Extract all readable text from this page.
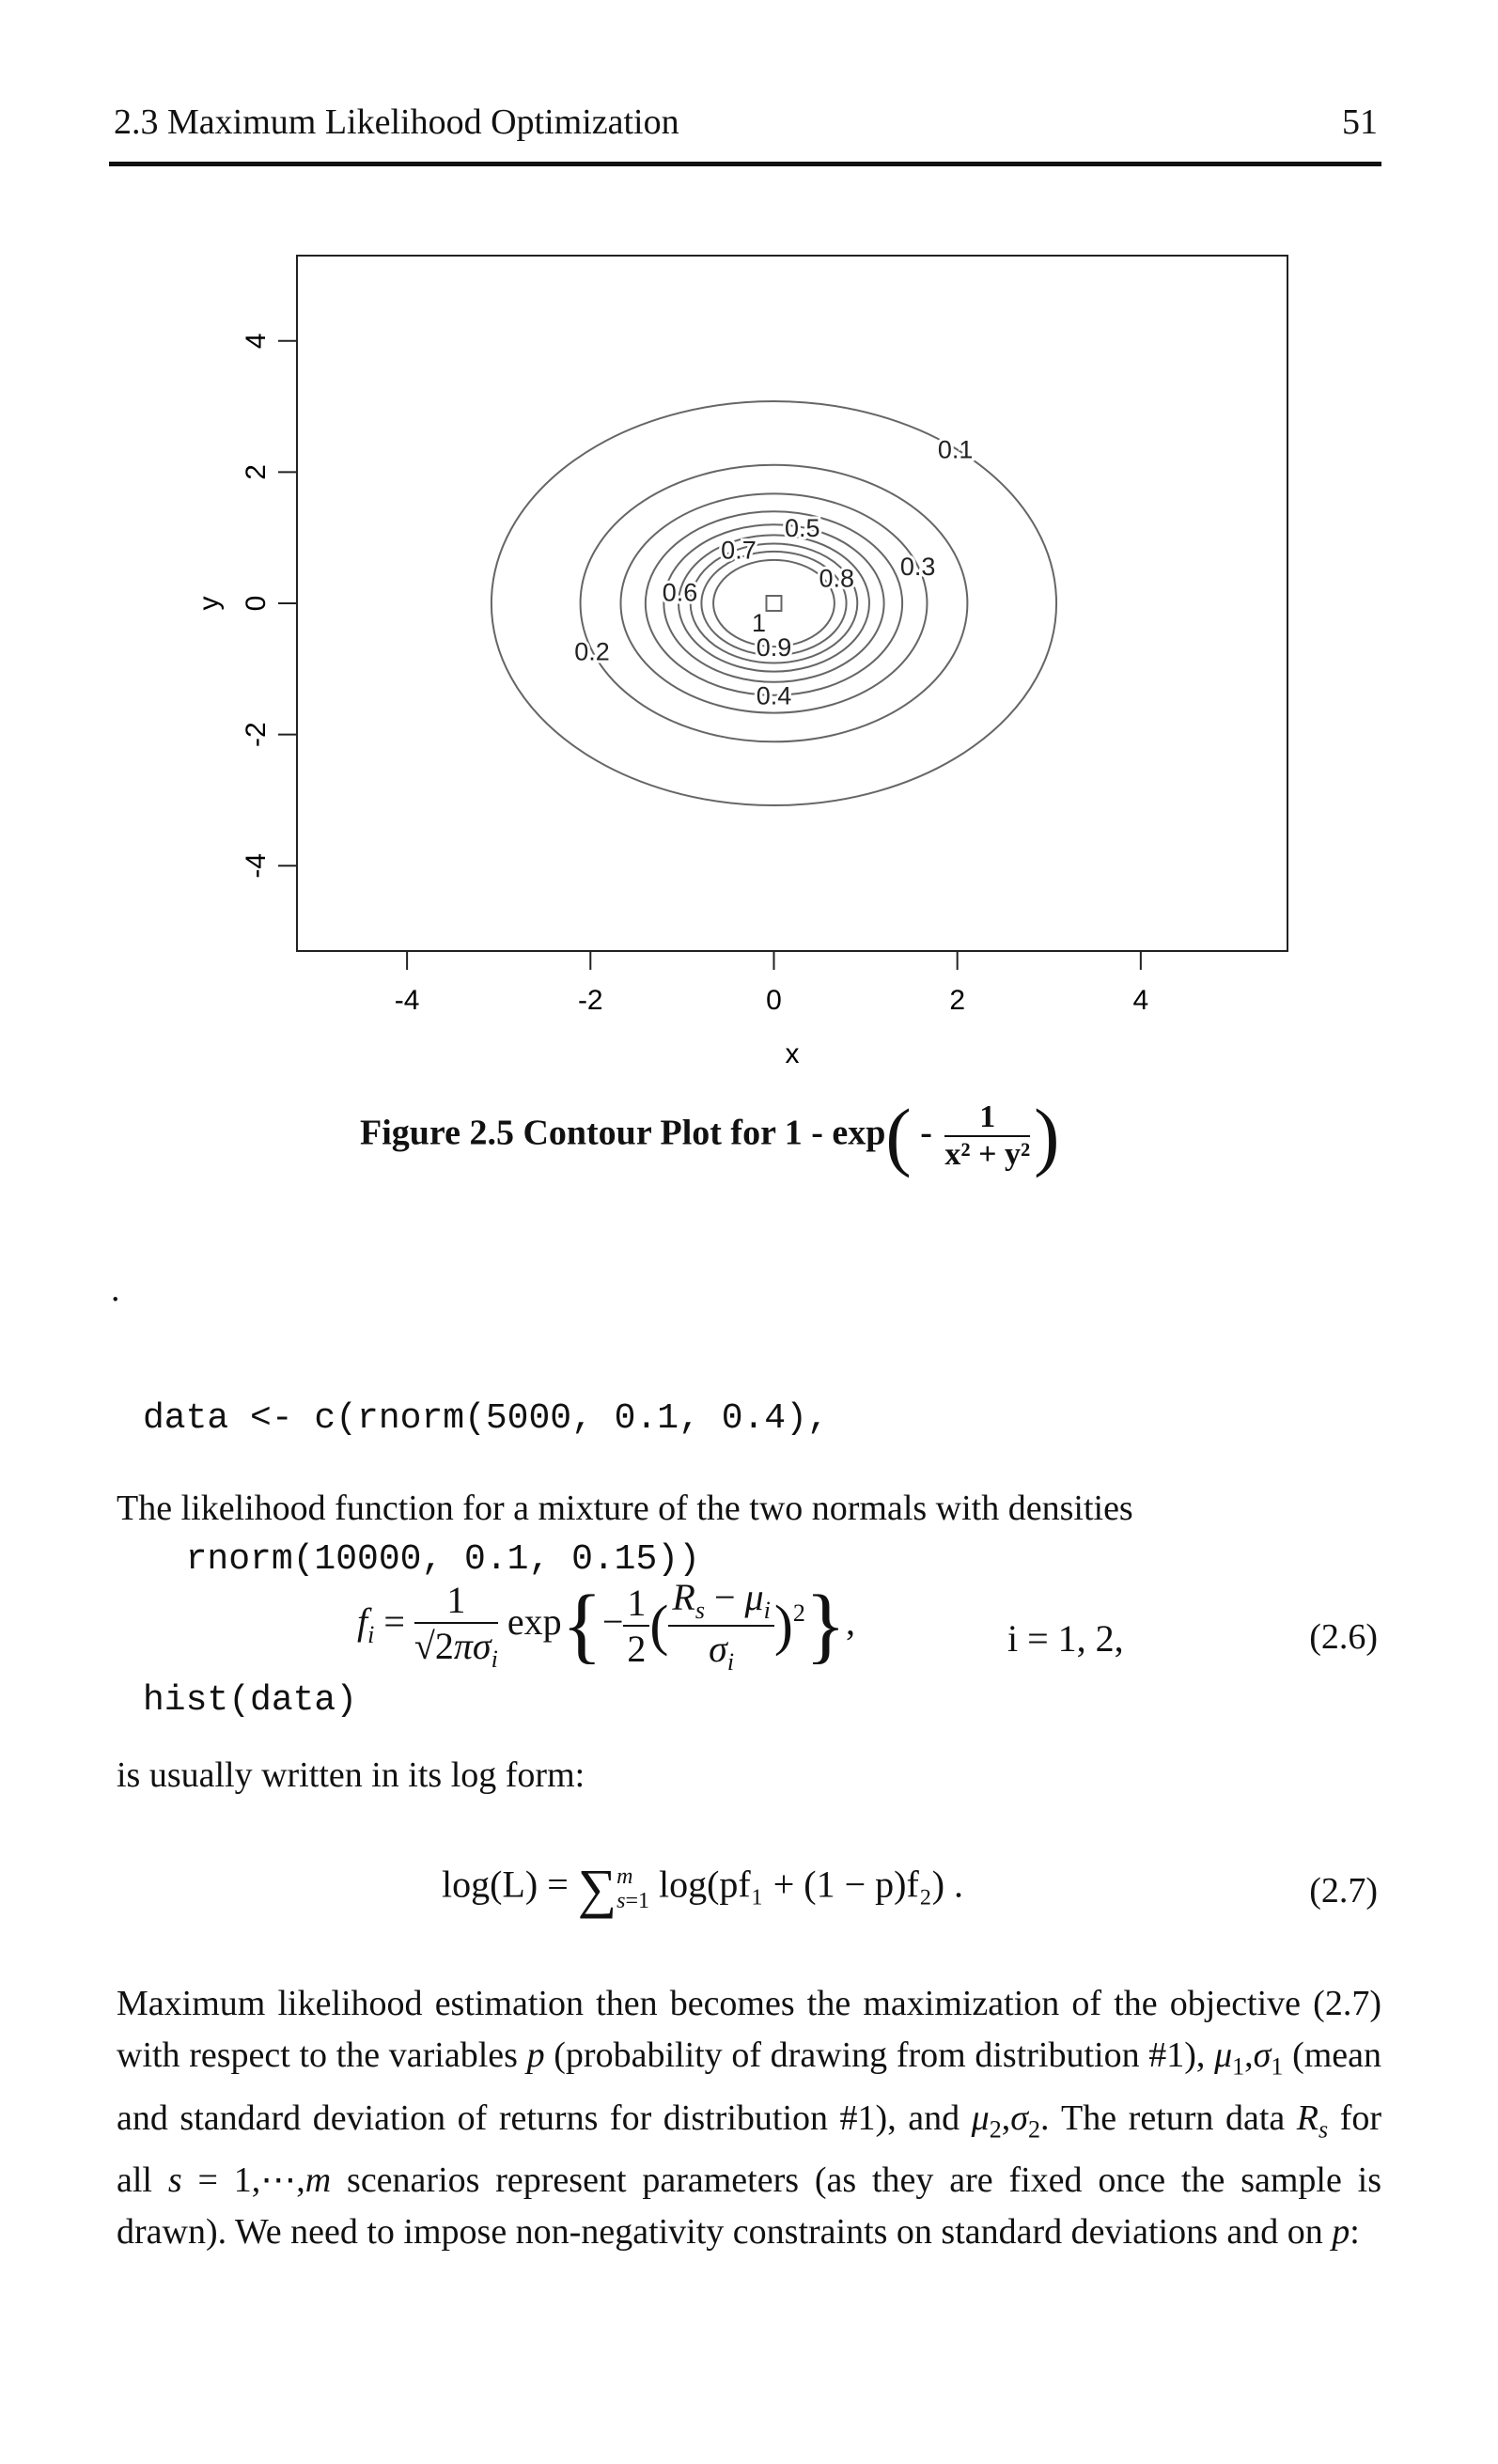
2.3 Maximum Likelihood Optimization	51
0.1
0.2
0.3
0.4
0.5
0.6
0.7
0.8
0.9
1
-4	-2	0	2	4
-4
-2
0
2
4
x
y
Figure 2.5 Contour Plot for $1 - \exp( - \frac{1}{\text{x² + y²}}$ )
.

data <- c(rnorm(5000, 0.1, 0.4),

rnorm(10000, 0.1, 0.15))

hist(data)

The likelihood function for a mixture of the two normals with densities
$f_i$ =
1
$√2\pi\sigma_i$
$\exp\{- \frac{1}{2}$ ( $\frac{R_s - \mu_i}{\sigma_i} )^2$},	i = 1, 2,	(2.6)
is usually written in its log form:
log(L) = ∑m
s=1 log(pf₁ + (1 − p)f₂) .	(2.7)
Maximum likelihood estimation then becomes the maximization of the objective (2.7) with respect to the variables p (probability of drawing from distribution #1), $\mu_1,\sigma_1$ (mean and standard deviation of returns for distribution #1), and $\mu_2,\sigma_2$. The return data $R_s$ for all s = 1,⋯,m scenarios represent parameters (as they are fixed once the sample is drawn). We need to impose non-negativity constraints on standard deviations and on p:
